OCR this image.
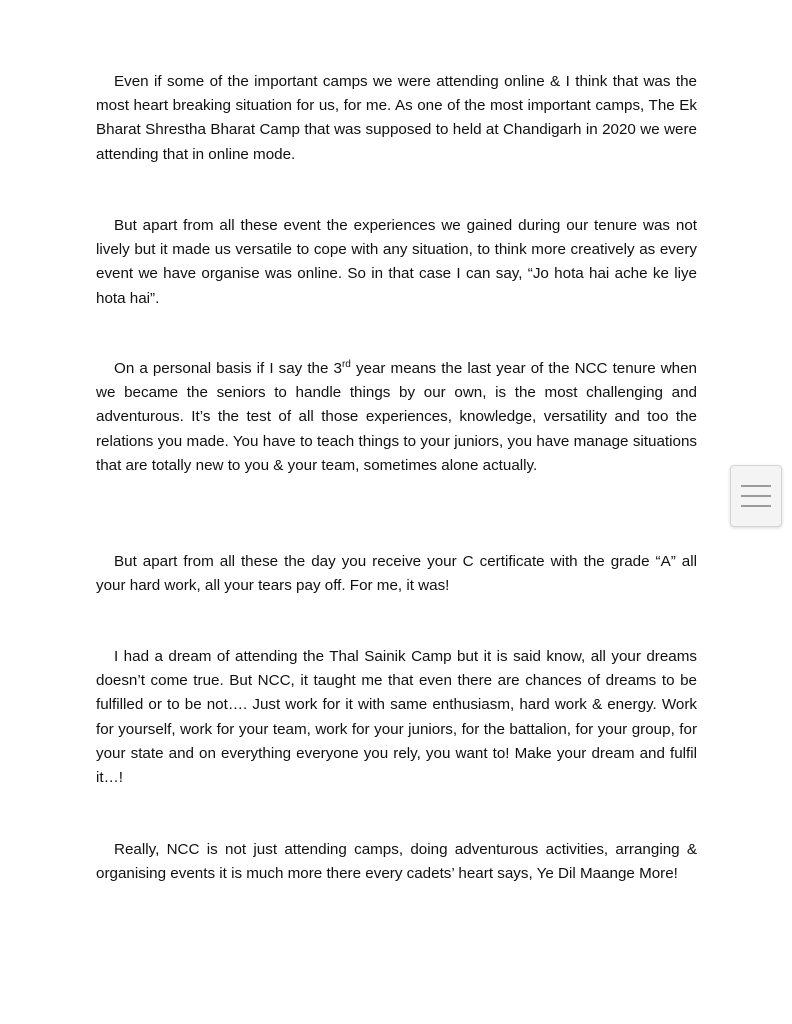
Even if some of the important camps we were attending online & I think that was the most heart breaking situation for us, for me. As one of the most important camps, The Ek Bharat Shrestha Bharat Camp that was supposed to held at Chandigarh in 2020 we were attending that in online mode.

But apart from all these event the experiences we gained during our tenure was not lively but it made us versatile to cope with any situation, to think more creatively as every event we have organise was online. So in that case I can say, “Jo hota hai ache ke liye hota hai”.

On a personal basis if I say the 3rd year means the last year of the NCC tenure when we became the seniors to handle things by our own, is the most challenging and adventurous. It’s the test of all those experiences, knowledge, versatility and too the relations you made. You have to teach things to your juniors, you have manage situations that are totally new to you & your team, sometimes alone actually.

But apart from all these the day you receive your C certificate with the grade “A” all your hard work, all your tears pay off. For me, it was!

I had a dream of attending the Thal Sainik Camp but it is said know, all your dreams doesn’t come true. But NCC, it taught me that even there are chances of dreams to be fulfilled or to be not…. Just work for it with same enthusiasm, hard work & energy. Work for yourself, work for your team, work for your juniors, for the battalion, for your group, for your state and on everything everyone you rely, you want to! Make your dream and fulfil it…!

Really, NCC is not just attending camps, doing adventurous activities, arranging & organising events it is much more there every cadets’ heart says, Ye Dil Maange More!
